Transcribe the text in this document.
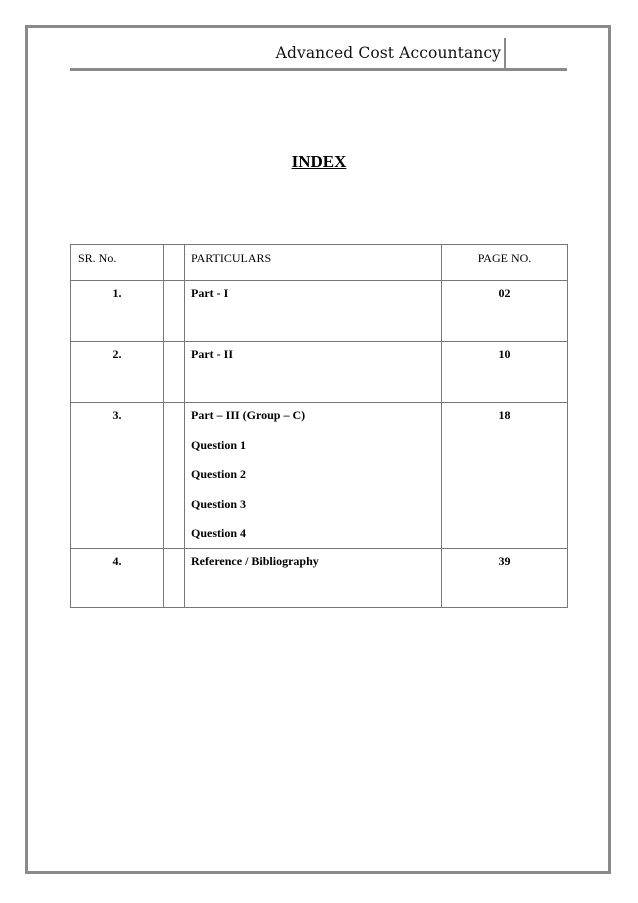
Advanced Cost Accountancy
INDEX
SR. No.		PARTICULARS	PAGE NO.
1.		Part - I	02
2.		Part - II	10
3.		Part – III (Group – C)
Question 1
Question 2
Question 3
Question 4	18
4.		Reference / Bibliography	39
